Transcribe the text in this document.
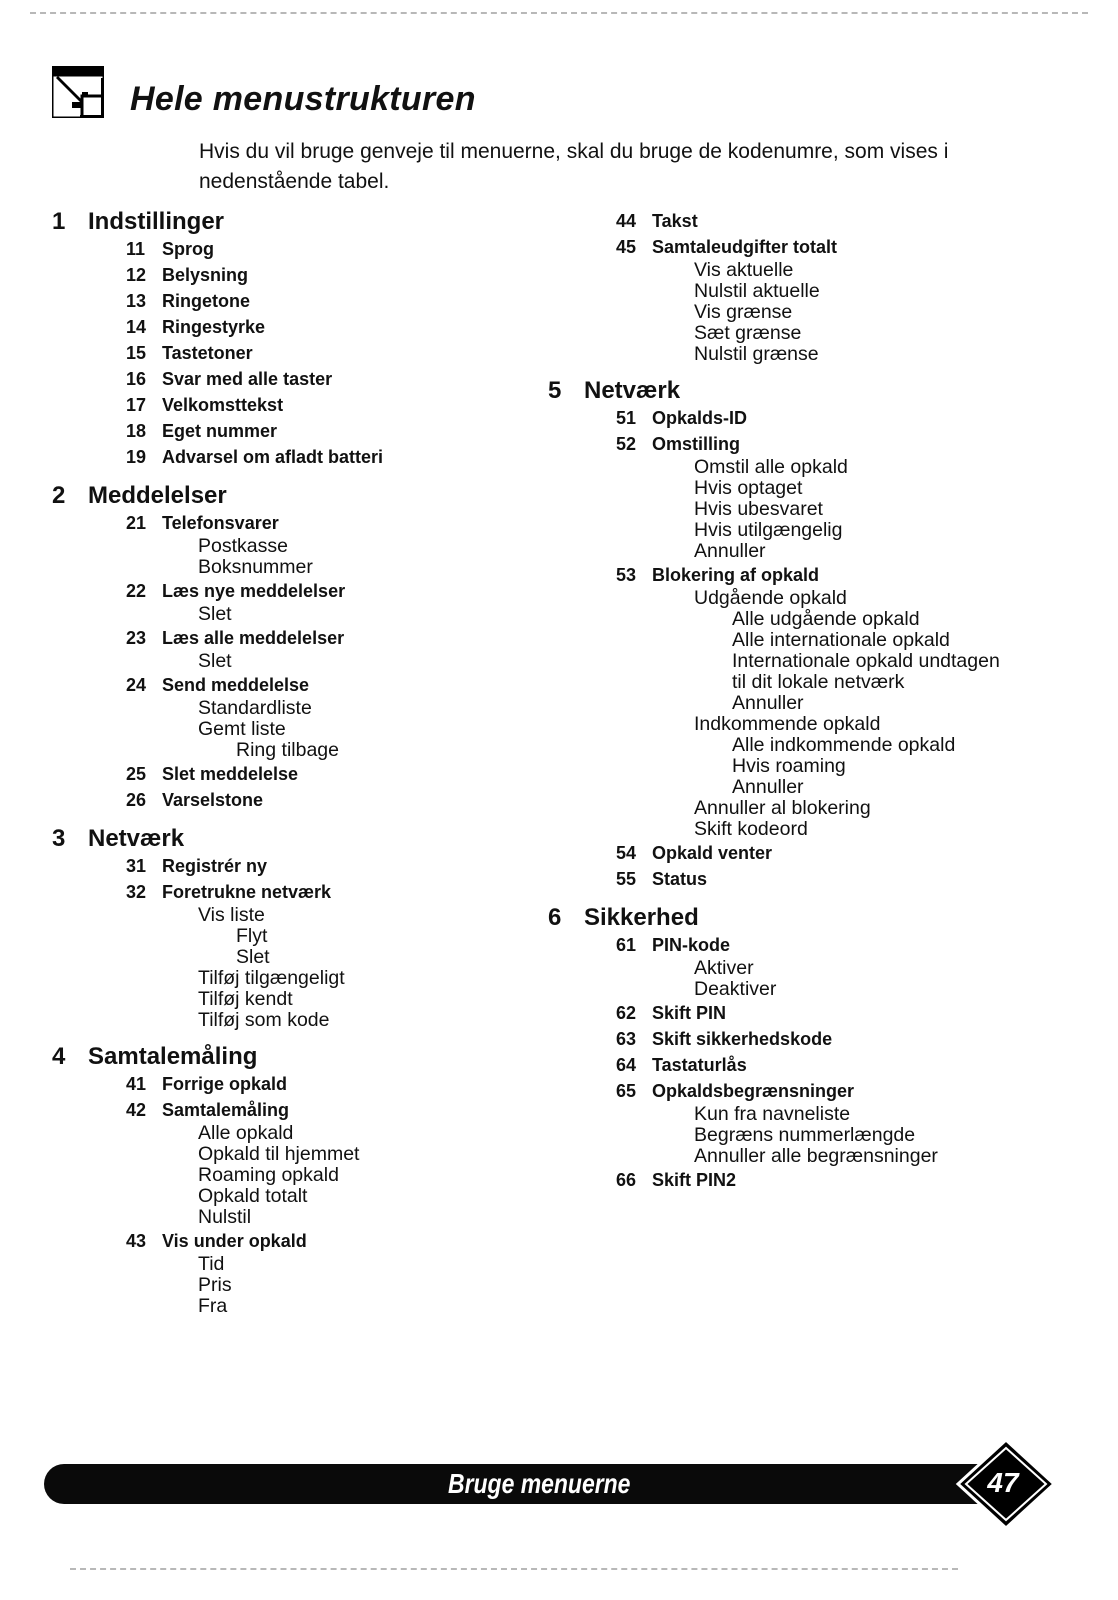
Hele menustrukturen

Hvis du vil bruge genveje til menuerne, skal du bruge de kodenumre, som vises i nedenstående tabel.

1 Indstillinger
11 Sprog
12 Belysning
13 Ringetone
14 Ringestyrke
15 Tastetoner
16 Svar med alle taster
17 Velkomsttekst
18 Eget nummer
19 Advarsel om afladt batteri
2 Meddelelser
21 Telefonsvarer
Postkasse
Boksnummer
22 Læs nye meddelelser
Slet
23 Læs alle meddelelser
Slet
24 Send meddelelse
Standardliste
Gemt liste
Ring tilbage
25 Slet meddelelse
26 Varselstone
3 Netværk
31 Registrér ny
32 Foretrukne netværk
Vis liste
Flyt
Slet
Tilføj tilgængeligt
Tilføj kendt
Tilføj som kode
4 Samtalemåling
41 Forrige opkald
42 Samtalemåling
Alle opkald
Opkald til hjemmet
Roaming opkald
Opkald totalt
Nulstil
43 Vis under opkald
Tid
Pris
Fra
44 Takst
45 Samtaleudgifter totalt
Vis aktuelle
Nulstil aktuelle
Vis grænse
Sæt grænse
Nulstil grænse
5 Netværk
51 Opkalds-ID
52 Omstilling
Omstil alle opkald
Hvis optaget
Hvis ubesvaret
Hvis utilgængelig
Annuller
53 Blokering af opkald
Udgående opkald
Alle udgående opkald
Alle internationale opkald
Internationale opkald undtagen
til dit lokale netværk
Annuller
Indkommende opkald
Alle indkommende opkald
Hvis roaming
Annuller
Annuller al blokering
Skift kodeord
54 Opkald venter
55 Status
6 Sikkerhed
61 PIN-kode
Aktiver
Deaktiver
62 Skift PIN
63 Skift sikkerhedskode
64 Tastaturlås
65 Opkaldsbegrænsninger
Kun fra navneliste
Begræns nummerlængde
Annuller alle begrænsninger
66 Skift PIN2

Bruge menuerne	47
